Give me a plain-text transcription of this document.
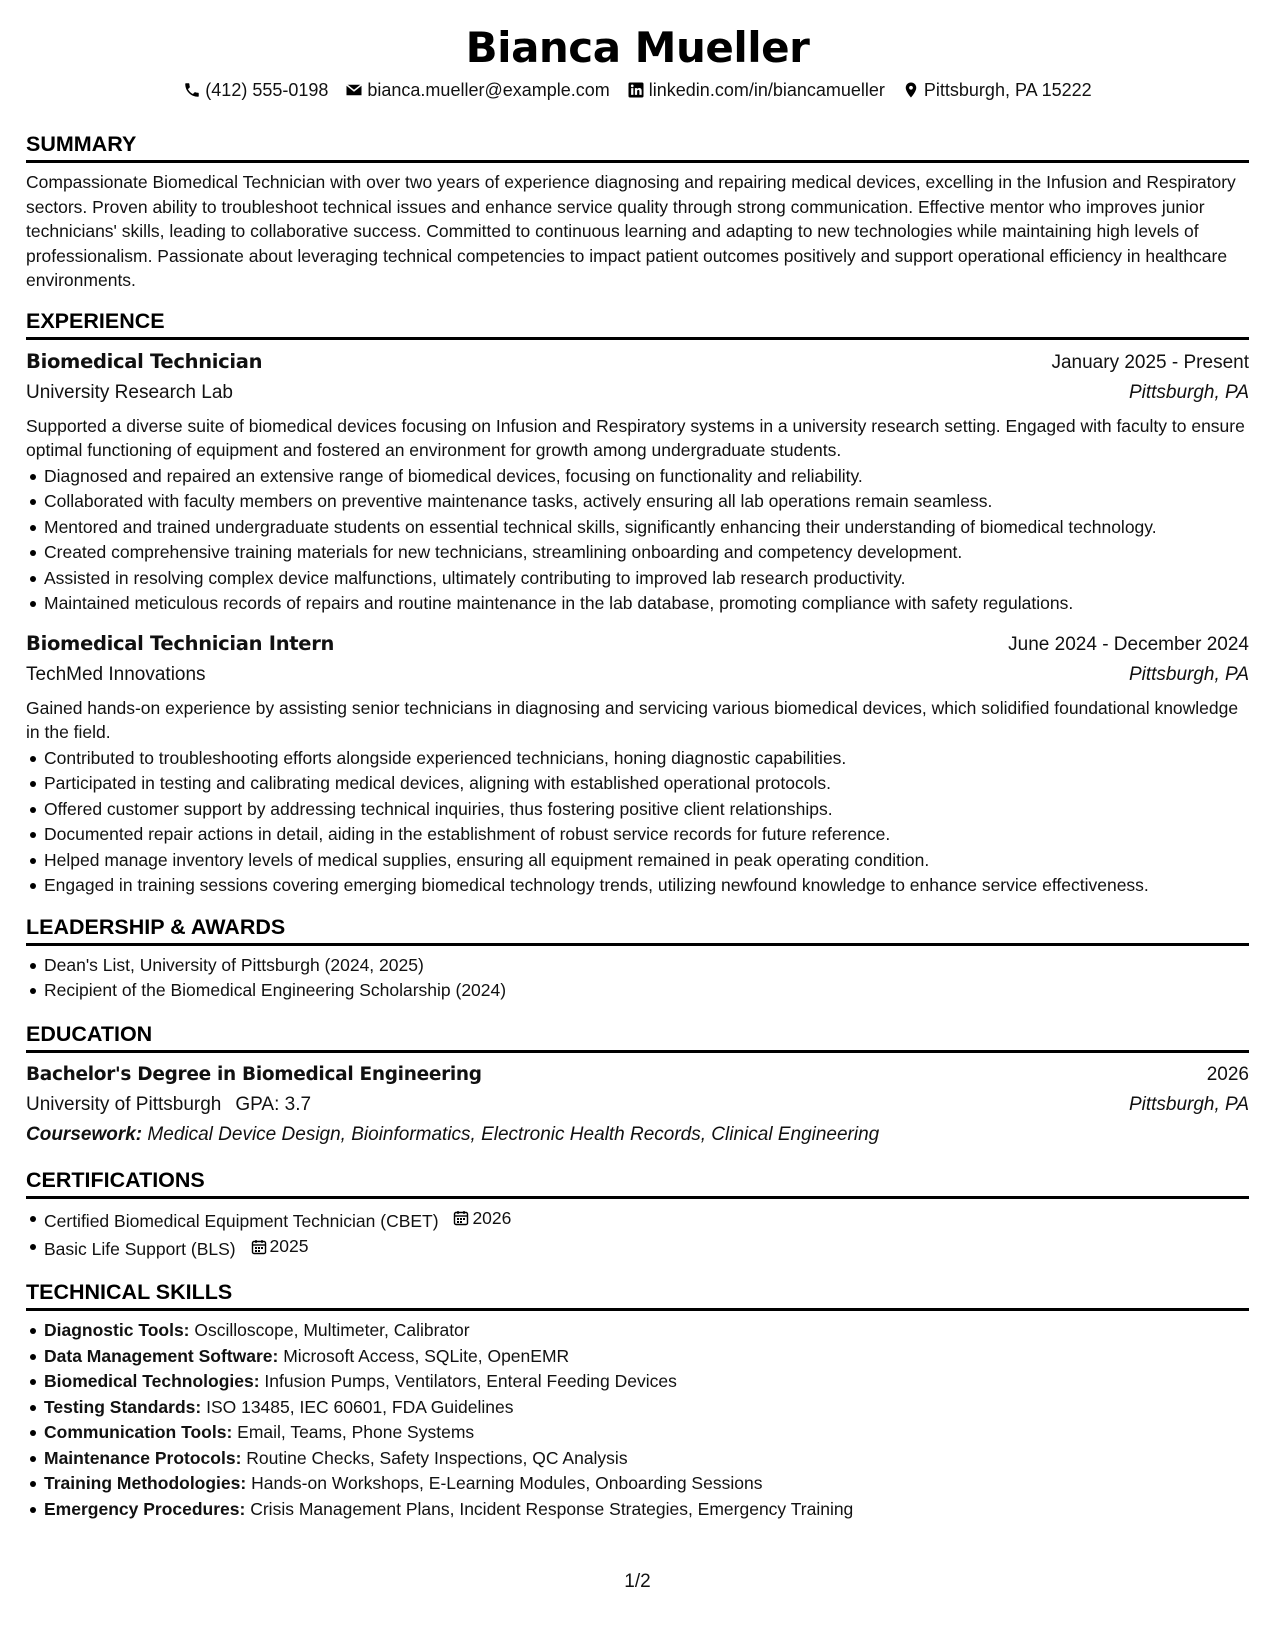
Bianca Mueller
(412) 555-0198 bianca.mueller@example.com linkedin.com/in/biancamueller Pittsburgh, PA 15222
SUMMARY

Compassionate Biomedical Technician with over two years of experience diagnosing and repairing medical devices, excelling in the Infusion and Respiratory sectors. Proven ability to troubleshoot technical issues and enhance service quality through strong communication. Effective mentor who improves junior technicians' skills, leading to collaborative success. Committed to continuous learning and adapting to new technologies while maintaining high levels of professionalism. Passionate about leveraging technical competencies to impact patient outcomes positively and support operational efficiency in healthcare environments.

EXPERIENCE
Biomedical Technician	January 2025 - Present
University Research Lab	Pittsburgh, PA

Supported a diverse suite of biomedical devices focusing on Infusion and Respiratory systems in a university research setting. Engaged with faculty to ensure optimal functioning of equipment and fostered an environment for growth among undergraduate students.

Diagnosed and repaired an extensive range of biomedical devices, focusing on functionality and reliability.
Collaborated with faculty members on preventive maintenance tasks, actively ensuring all lab operations remain seamless.
Mentored and trained undergraduate students on essential technical skills, significantly enhancing their understanding of biomedical technology.
Created comprehensive training materials for new technicians, streamlining onboarding and competency development.
Assisted in resolving complex device malfunctions, ultimately contributing to improved lab research productivity.
Maintained meticulous records of repairs and routine maintenance in the lab database, promoting compliance with safety regulations.
Biomedical Technician Intern	June 2024 - December 2024
TechMed Innovations	Pittsburgh, PA

Gained hands-on experience by assisting senior technicians in diagnosing and servicing various biomedical devices, which solidified foundational knowledge in the field.

Contributed to troubleshooting efforts alongside experienced technicians, honing diagnostic capabilities.
Participated in testing and calibrating medical devices, aligning with established operational protocols.
Offered customer support by addressing technical inquiries, thus fostering positive client relationships.
Documented repair actions in detail, aiding in the establishment of robust service records for future reference.
Helped manage inventory levels of medical supplies, ensuring all equipment remained in peak operating condition.
Engaged in training sessions covering emerging biomedical technology trends, utilizing newfound knowledge to enhance service effectiveness.
LEADERSHIP & AWARDS
Dean's List, University of Pittsburgh (2024, 2025)
Recipient of the Biomedical Engineering Scholarship (2024)
EDUCATION
Bachelor's Degree in Biomedical Engineering	2026
University of Pittsburgh GPA: 3.7	Pittsburgh, PA
Coursework: Medical Device Design, Bioinformatics, Electronic Health Records, Clinical Engineering
CERTIFICATIONS
Certified Biomedical Equipment Technician (CBET) 2026
Basic Life Support (BLS) 2025
TECHNICAL SKILLS
Diagnostic Tools: Oscilloscope, Multimeter, Calibrator
Data Management Software: Microsoft Access, SQLite, OpenEMR
Biomedical Technologies: Infusion Pumps, Ventilators, Enteral Feeding Devices
Testing Standards: ISO 13485, IEC 60601, FDA Guidelines
Communication Tools: Email, Teams, Phone Systems
Maintenance Protocols: Routine Checks, Safety Inspections, QC Analysis
Training Methodologies: Hands-on Workshops, E-Learning Modules, Onboarding Sessions
Emergency Procedures: Crisis Management Plans, Incident Response Strategies, Emergency Training
1/2
